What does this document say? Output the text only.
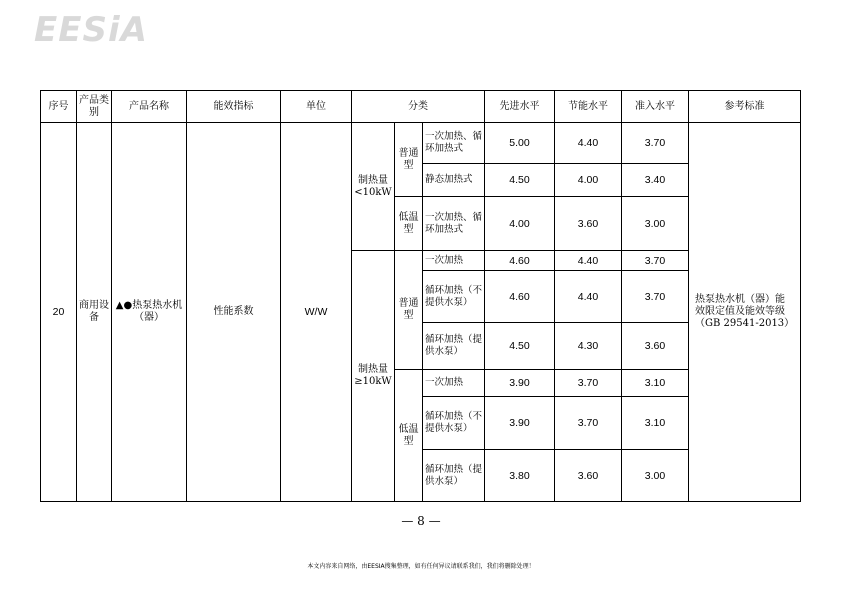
EESiA
序号	产品类别	产品名称	能效指标	单位	分类			先进水平	节能水平	准入水平	参考标准
20	商用设备	▲●热泵热水机（器）	性能系数	W/W	制热量<10kW	普通型	一次加热、循环加热式	5.00	4.40	3.70	热泵热水机（器）能效限定值及能效等级（GB 29541-2013）
							静态加热式	4.50	4.00	3.40	
						低温型	一次加热、循环加热式	4.00	3.60	3.00	
					制热量≥10kW	普通型	一次加热	4.60	4.40	3.70	
							循环加热（不提供水泵）	4.60	4.40	3.70	
							循环加热（提供水泵）	4.50	4.30	3.60	
						低温型	一次加热	3.90	3.70	3.10	
							循环加热（不提供水泵）	3.90	3.70	3.10	
							循环加热（提供水泵）	3.80	3.60	3.00	
— 8 —
本文内容来自网络，由EESIA搜集整理，如有任何异议请联系我们，我们将删除处理！
